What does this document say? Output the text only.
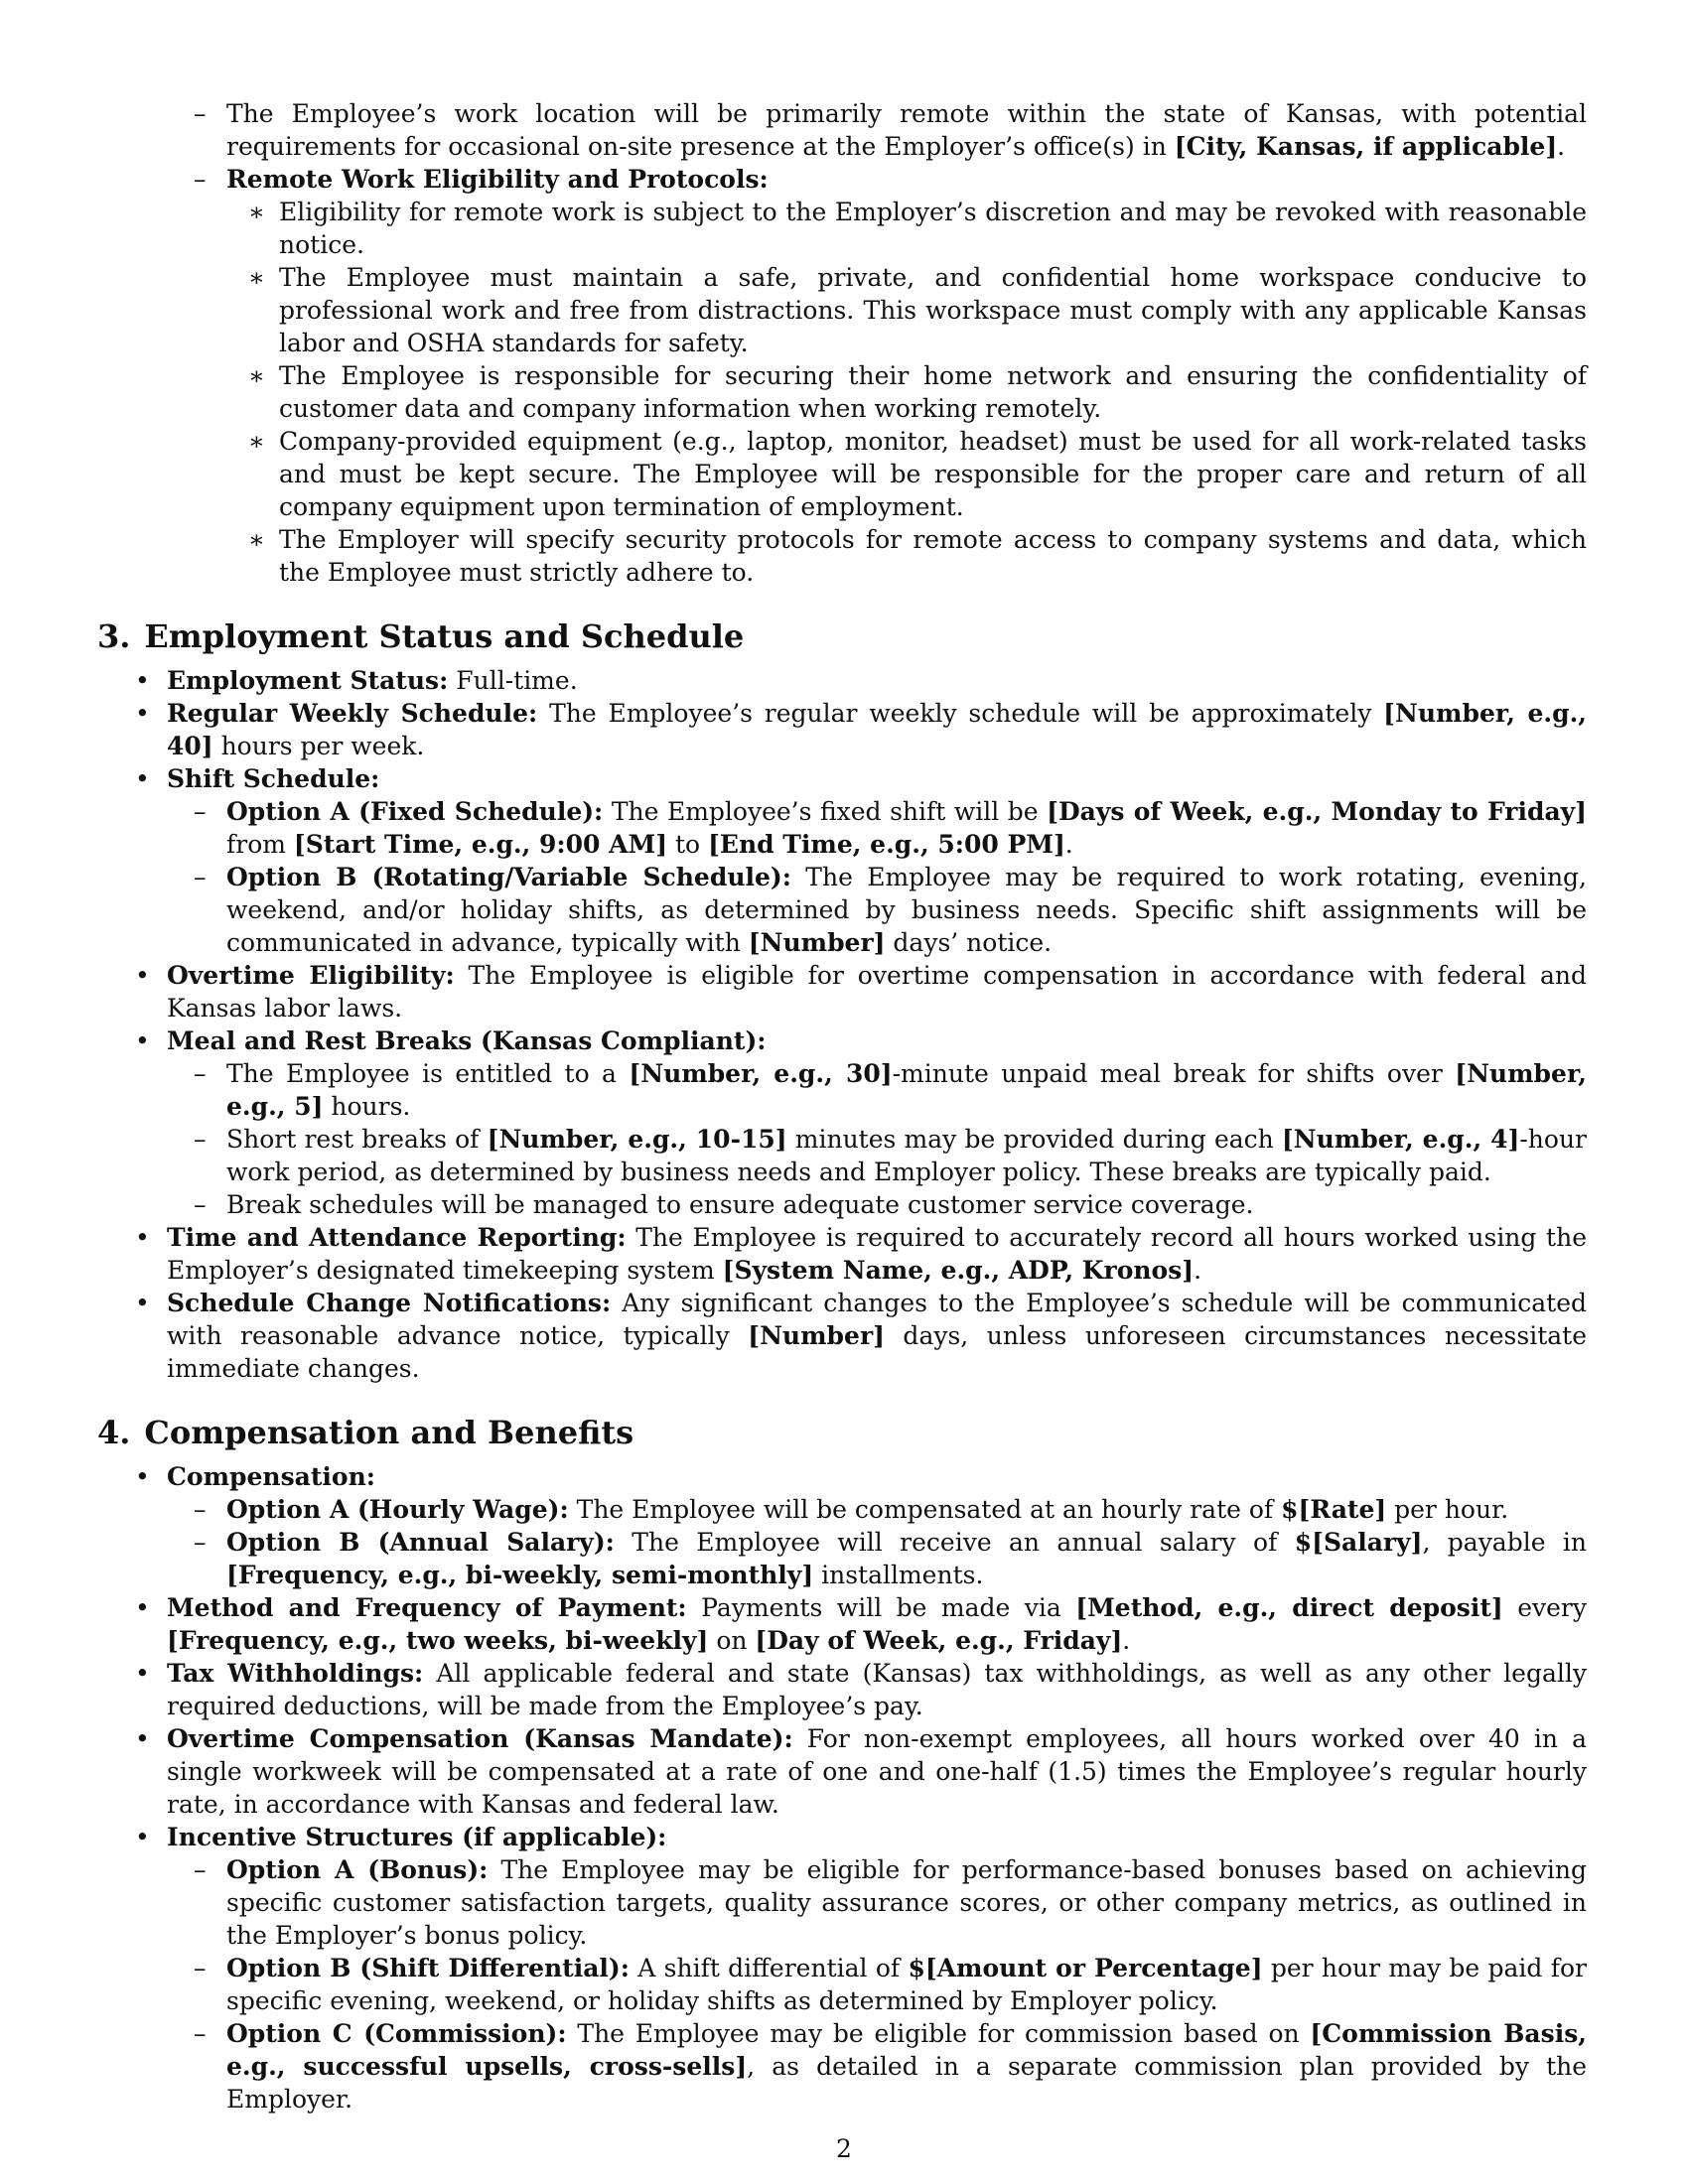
– The Employee’s work location will be primarily remote within the state of Kansas, with potential requirements for occasional on-site presence at the Employer’s office(s) in [City, Kansas, if applicable].

– Remote Work Eligibility and Protocols:

∗ Eligibility for remote work is subject to the Employer’s discretion and may be revoked with reasonable notice.

∗ The Employee must maintain a safe, private, and confidential home workspace conducive to professional work and free from distractions. This workspace must comply with any applicable Kansas labor and OSHA standards for safety.

∗ The Employee is responsible for securing their home network and ensuring the confidentiality of customer data and company information when working remotely.

∗ Company-provided equipment (e.g., laptop, monitor, headset) must be used for all work-related tasks and must be kept secure. The Employee will be responsible for the proper care and return of all company equipment upon termination of employment.

∗ The Employer will specify security protocols for remote access to company systems and data, which the Employee must strictly adhere to.

3. Employment Status and Schedule

• Employment Status: Full-time.

• Regular Weekly Schedule: The Employee’s regular weekly schedule will be approximately [Number, e.g., 40] hours per week.

• Shift Schedule:

– Option A (Fixed Schedule): The Employee’s fixed shift will be [Days of Week, e.g., Monday to Friday] from [Start Time, e.g., 9:00 AM] to [End Time, e.g., 5:00 PM].

– Option B (Rotating/Variable Schedule): The Employee may be required to work rotating, evening, weekend, and/or holiday shifts, as determined by business needs. Specific shift assignments will be communicated in advance, typically with [Number] days’ notice.

• Overtime Eligibility: The Employee is eligible for overtime compensation in accordance with federal and Kansas labor laws.

• Meal and Rest Breaks (Kansas Compliant):

– The Employee is entitled to a [Number, e.g., 30]-minute unpaid meal break for shifts over [Number, e.g., 5] hours.

– Short rest breaks of [Number, e.g., 10-15] minutes may be provided during each [Number, e.g., 4]-hour work period, as determined by business needs and Employer policy. These breaks are typically paid.

– Break schedules will be managed to ensure adequate customer service coverage.

• Time and Attendance Reporting: The Employee is required to accurately record all hours worked using the Employer’s designated timekeeping system [System Name, e.g., ADP, Kronos].

• Schedule Change Notifications: Any significant changes to the Employee’s schedule will be communicated with reasonable advance notice, typically [Number] days, unless unforeseen circumstances necessitate immediate changes.

4. Compensation and Benefits

• Compensation:

– Option A (Hourly Wage): The Employee will be compensated at an hourly rate of $[Rate] per hour.

– Option B (Annual Salary): The Employee will receive an annual salary of $[Salary], payable in [Frequency, e.g., bi-weekly, semi-monthly] installments.

• Method and Frequency of Payment: Payments will be made via [Method, e.g., direct deposit] every [Frequency, e.g., two weeks, bi-weekly] on [Day of Week, e.g., Friday].

• Tax Withholdings: All applicable federal and state (Kansas) tax withholdings, as well as any other legally required deductions, will be made from the Employee’s pay.

• Overtime Compensation (Kansas Mandate): For non-exempt employees, all hours worked over 40 in a single workweek will be compensated at a rate of one and one-half (1.5) times the Employee’s regular hourly rate, in accordance with Kansas and federal law.

• Incentive Structures (if applicable):

– Option A (Bonus): The Employee may be eligible for performance-based bonuses based on achieving specific customer satisfaction targets, quality assurance scores, or other company metrics, as outlined in the Employer’s bonus policy.

– Option B (Shift Differential): A shift differential of $[Amount or Percentage] per hour may be paid for specific evening, weekend, or holiday shifts as determined by Employer policy.

– Option C (Commission): The Employee may be eligible for commission based on [Commission Basis, e.g., successful upsells, cross-sells], as detailed in a separate commission plan provided by the Employer.

2
